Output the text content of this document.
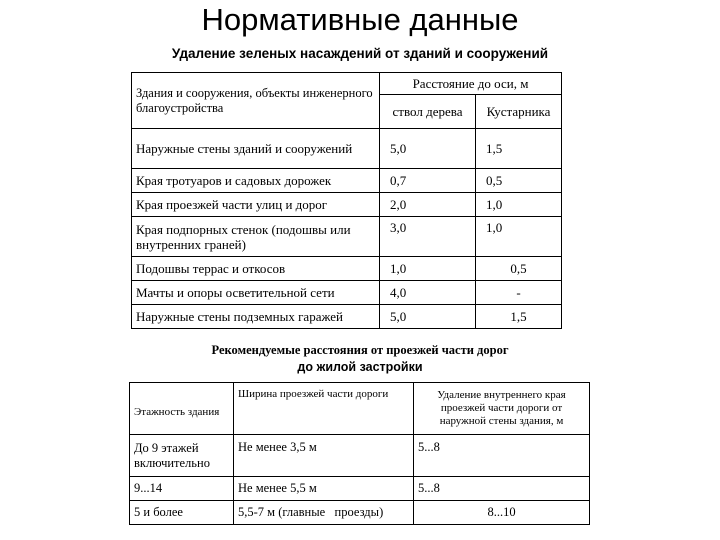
Нормативные данные
Удаление зеленых насаждений от зданий и сооружений
Здания и сооружения, объекты инженерного благоустройства	Расстояние до оси, м	
	ствол дерева	Кустарника
Наружные стены зданий и сооружений	5,0	1,5
Края тротуаров и садовых дорожек	0,7	0,5
Края проезжей части улиц и дорог	2,0	1,0
Края подпорных стенок (подошвы или внутренних граней)	3,0	1,0
Подошвы террас и откосов	1,0	0,5
Мачты и опоры осветительной сети	4,0	-
Наружные стены подземных гаражей	5,0	1,5
Рекомендуемые расстояния от проезжей части дорог
до жилой застройки
Этажность здания	Ширина проезжей части дороги	Удаление внутреннего края проезжей части дороги от наружной стены здания, м
До 9 этажей включительно	Не менее 3,5 м	5...8
9...14	Не менее 5,5 м	5...8
5 и более	5,5-7 м (главные   проезды)	8...10
